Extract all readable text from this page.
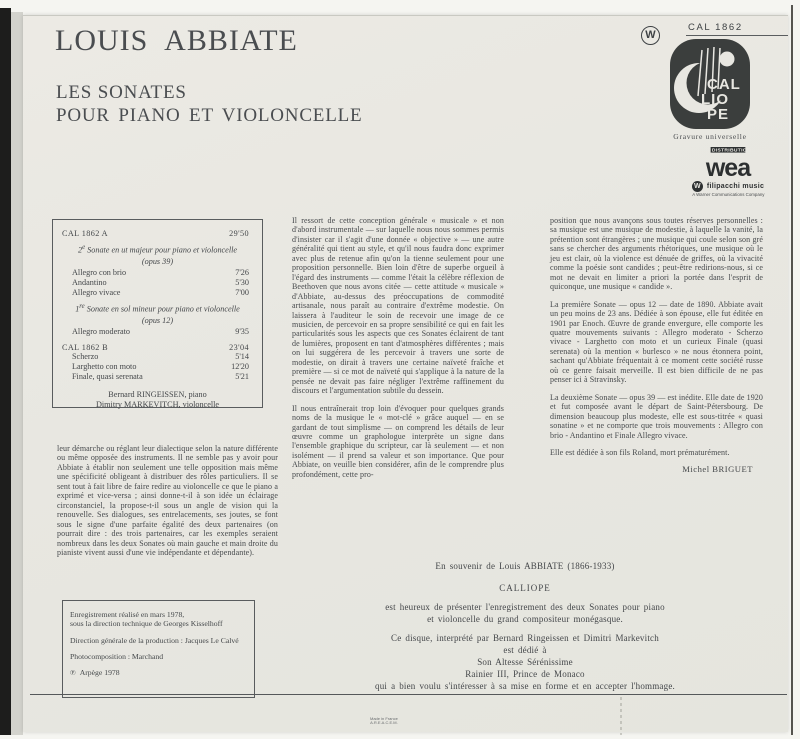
LOUIS ABBIATE
LES SONATES
POUR PIANO ET VIOLONCELLE
W
CAL 1862
CAL
LIO
PE
Gravure universelle
DISTRIBUTION
wea
W filipacchi music
A Warner Communications Company
CAL 1862 A	29'50
2e Sonate en ut majeur pour piano et violoncelle
(opus 39)
Allegro con brio	7'26
Andantino	5'30
Allegro vivace	7'00
1re Sonate en sol mineur pour piano et violoncelle
(opus 12)
Allegro moderato	9'35
CAL 1862 B	23'04
Scherzo	5'14
Larghetto con moto	12'20
Finale, quasi serenata	5'21
Bernard RINGEISSEN, piano
Dimitry MARKEVITCH, violoncelle

leur démarche ou réglant leur dialectique selon la nature différente ou même opposée des instruments. Il ne semble pas y avoir pour Abbiate à établir non seulement une telle opposition mais même une spécificité obligeant à distribuer des rôles particuliers. Il se sent tout à fait libre de faire redire au violoncelle ce que le piano a exprimé et vice-versa ; ainsi donne-t-il à son idée un éclairage circonstanciel, la propose-t-il sous un angle de vision qui la renouvelle. Ses dialogues, ses entrelacements, ses joutes, se font sous le signe d'une parfaite égalité des deux partenaires (on pourrait dire : des trois partenaires, car les exemples seraient nombreux dans les deux Sonates où main gauche et main droite du pianiste vivent aussi d'une vie indépendante et dépendante).

Il ressort de cette conception générale « musicale » et non d'abord instrumentale — sur laquelle nous nous sommes permis d'insister car il s'agit d'une donnée « objective » — une autre généralité qui tient au style, et qu'il nous faudra donc exprimer avec plus de retenue afin qu'on la tienne seulement pour une proposition personnelle. Bien loin d'être de superbe orgueil à l'égard des instruments — comme l'était la célèbre réflexion de Beethoven que nous avons citée — cette attitude « musicale » d'Abbiate, au-dessus des préoccupations de commodité artisanale, nous paraît au contraire d'extrême modestie. On laissera à l'auditeur le soin de recevoir une image de ce musicien, de percevoir en sa propre sensibilité ce qui en fait les particularités sous les aspects que ces Sonates éclairent de tant de lumières, proposent en tant d'atmosphères différentes ; mais on lui suggérera de les percevoir à travers une sorte de modestie, on dirait à travers une certaine naïveté fraîche et première — si ce mot de naïveté qui s'applique à la nature de la pensée ne devait pas faire négliger l'extrême raffinement du discours et l'argumentation subtile du dessein.

Il nous entraînerait trop loin d'évoquer pour quelques grands noms de la musique le « mot-clé » grâce auquel — en se gardant de tout simplisme — on comprend les détails de leur œuvre comme un graphologue interprète un signe dans l'ensemble graphique du scripteur, car là seulement — et non isolément — il prend sa valeur et son importance. Que pour Abbiate, on veuille bien considérer, afin de le comprendre plus profondément, cette pro-

position que nous avançons sous toutes réserves personnelles : sa musique est une musique de modestie, à laquelle la vanité, la prétention sont étrangères ; une musique qui coule selon son gré sans se chercher des arguments rhétoriques, une musique où le jeu est clair, où la violence est dénuée de griffes, où la vivacité comme la poésie sont candides ; peut-être redirions-nous, si ce mot ne devait en limiter a priori la portée dans l'esprit de quiconque, une musique « candide ».

La première Sonate — opus 12 — date de 1890. Abbiate avait un peu moins de 23 ans. Dédiée à son épouse, elle fut éditée en 1901 par Enoch. Œuvre de grande envergure, elle comporte les quatre mouvements suivants : Allegro moderato - Scherzo vivace - Larghetto con moto et un curieux Finale (quasi serenata) où la mention « burlesco » ne nous étonnera point, sachant qu'Abbiate fréquentait à ce moment cette société russe où ce genre faisait merveille. Il est bien difficile de ne pas penser ici à Stravinsky.

La deuxième Sonate — opus 39 — est inédite. Elle date de 1920 et fut composée avant le départ de Saint-Pétersbourg. De dimension beaucoup plus modeste, elle est sous-titrée « quasi sonatine » et ne comporte que trois mouvements : Allegro con brio - Andantino et Finale Allegro vivace.

Elle est dédiée à son fils Roland, mort prématurément.

Michel BRIGUET

Enregistrement réalisé en mars 1978,

sous la direction technique de Georges Kisselhoff

Direction générale de la production : Jacques Le Calvé

Photocomposition : Marchand

℗ Arpège 1978

En souvenir de Louis ABBIATE (1866-1933)

CALLIOPE

est heureux de présenter l'enregistrement des deux Sonates pour piano

et violoncelle du grand compositeur monégasque.

Ce disque, interprété par Bernard Ringeissen et Dimitri Markevitch

est dédié à

Son Altesse Sérénissime

Rainier III, Prince de Monaco

qui a bien voulu s'intéresser à sa mise en forme et en accepter l'hommage.

Made in France
A.R.E.A.C.E.M.
